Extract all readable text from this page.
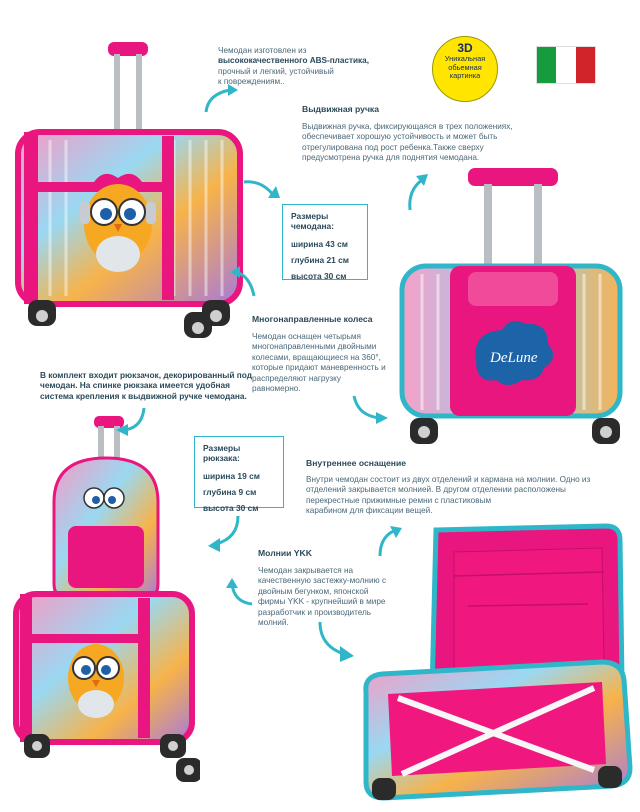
Чемодан изготовлен из
высококачественного ABS-пластика,
прочный и легкий, устойчивый
к повреждениям..
3D
Уникальная
обьемная
картинка
Выдвижная ручка
Выдвижная ручка, фиксирующаяся в трех положениях,
обеспечивает хорошую устойчивость и может быть
отрегулирована под рост ребенка.Также сверху
предусмотрена ручка для поднятия чемодана.
Размеры чемодана:
ширина 43 см
глубина 21 см
высота 30 см
DeLune
Многонаправленные колеса
Чемодан оснащен четырьмя
многонаправленными двойными
колесами, вращающиеся на 360°,
которые придают маневренность и
распределяют нагрузку
равномерно.
В комплект входит рюкзачок, декорированный под
чемодан. На спинке рюкзака имеется удобная
система крепления к выдвижной ручке чемодана.
Размеры рюкзака:
ширина 19 см
глубина 9 см
высота 30 см
Внутреннее оснащение
Внутри чемодан состоит из двух отделений и кармана на молнии. Одно из
отделений закрывается молнией. В другом отделении расположены
перекрестные прижимные ремни с пластиковым
карабином для фиксации вещей.
Молнии YKK
Чемодан закрывается на
качественную застежку-молнию с
двойным бегунком, японской
фирмы YKK - крупнейший в мире
разработчик и производитель
молний.
